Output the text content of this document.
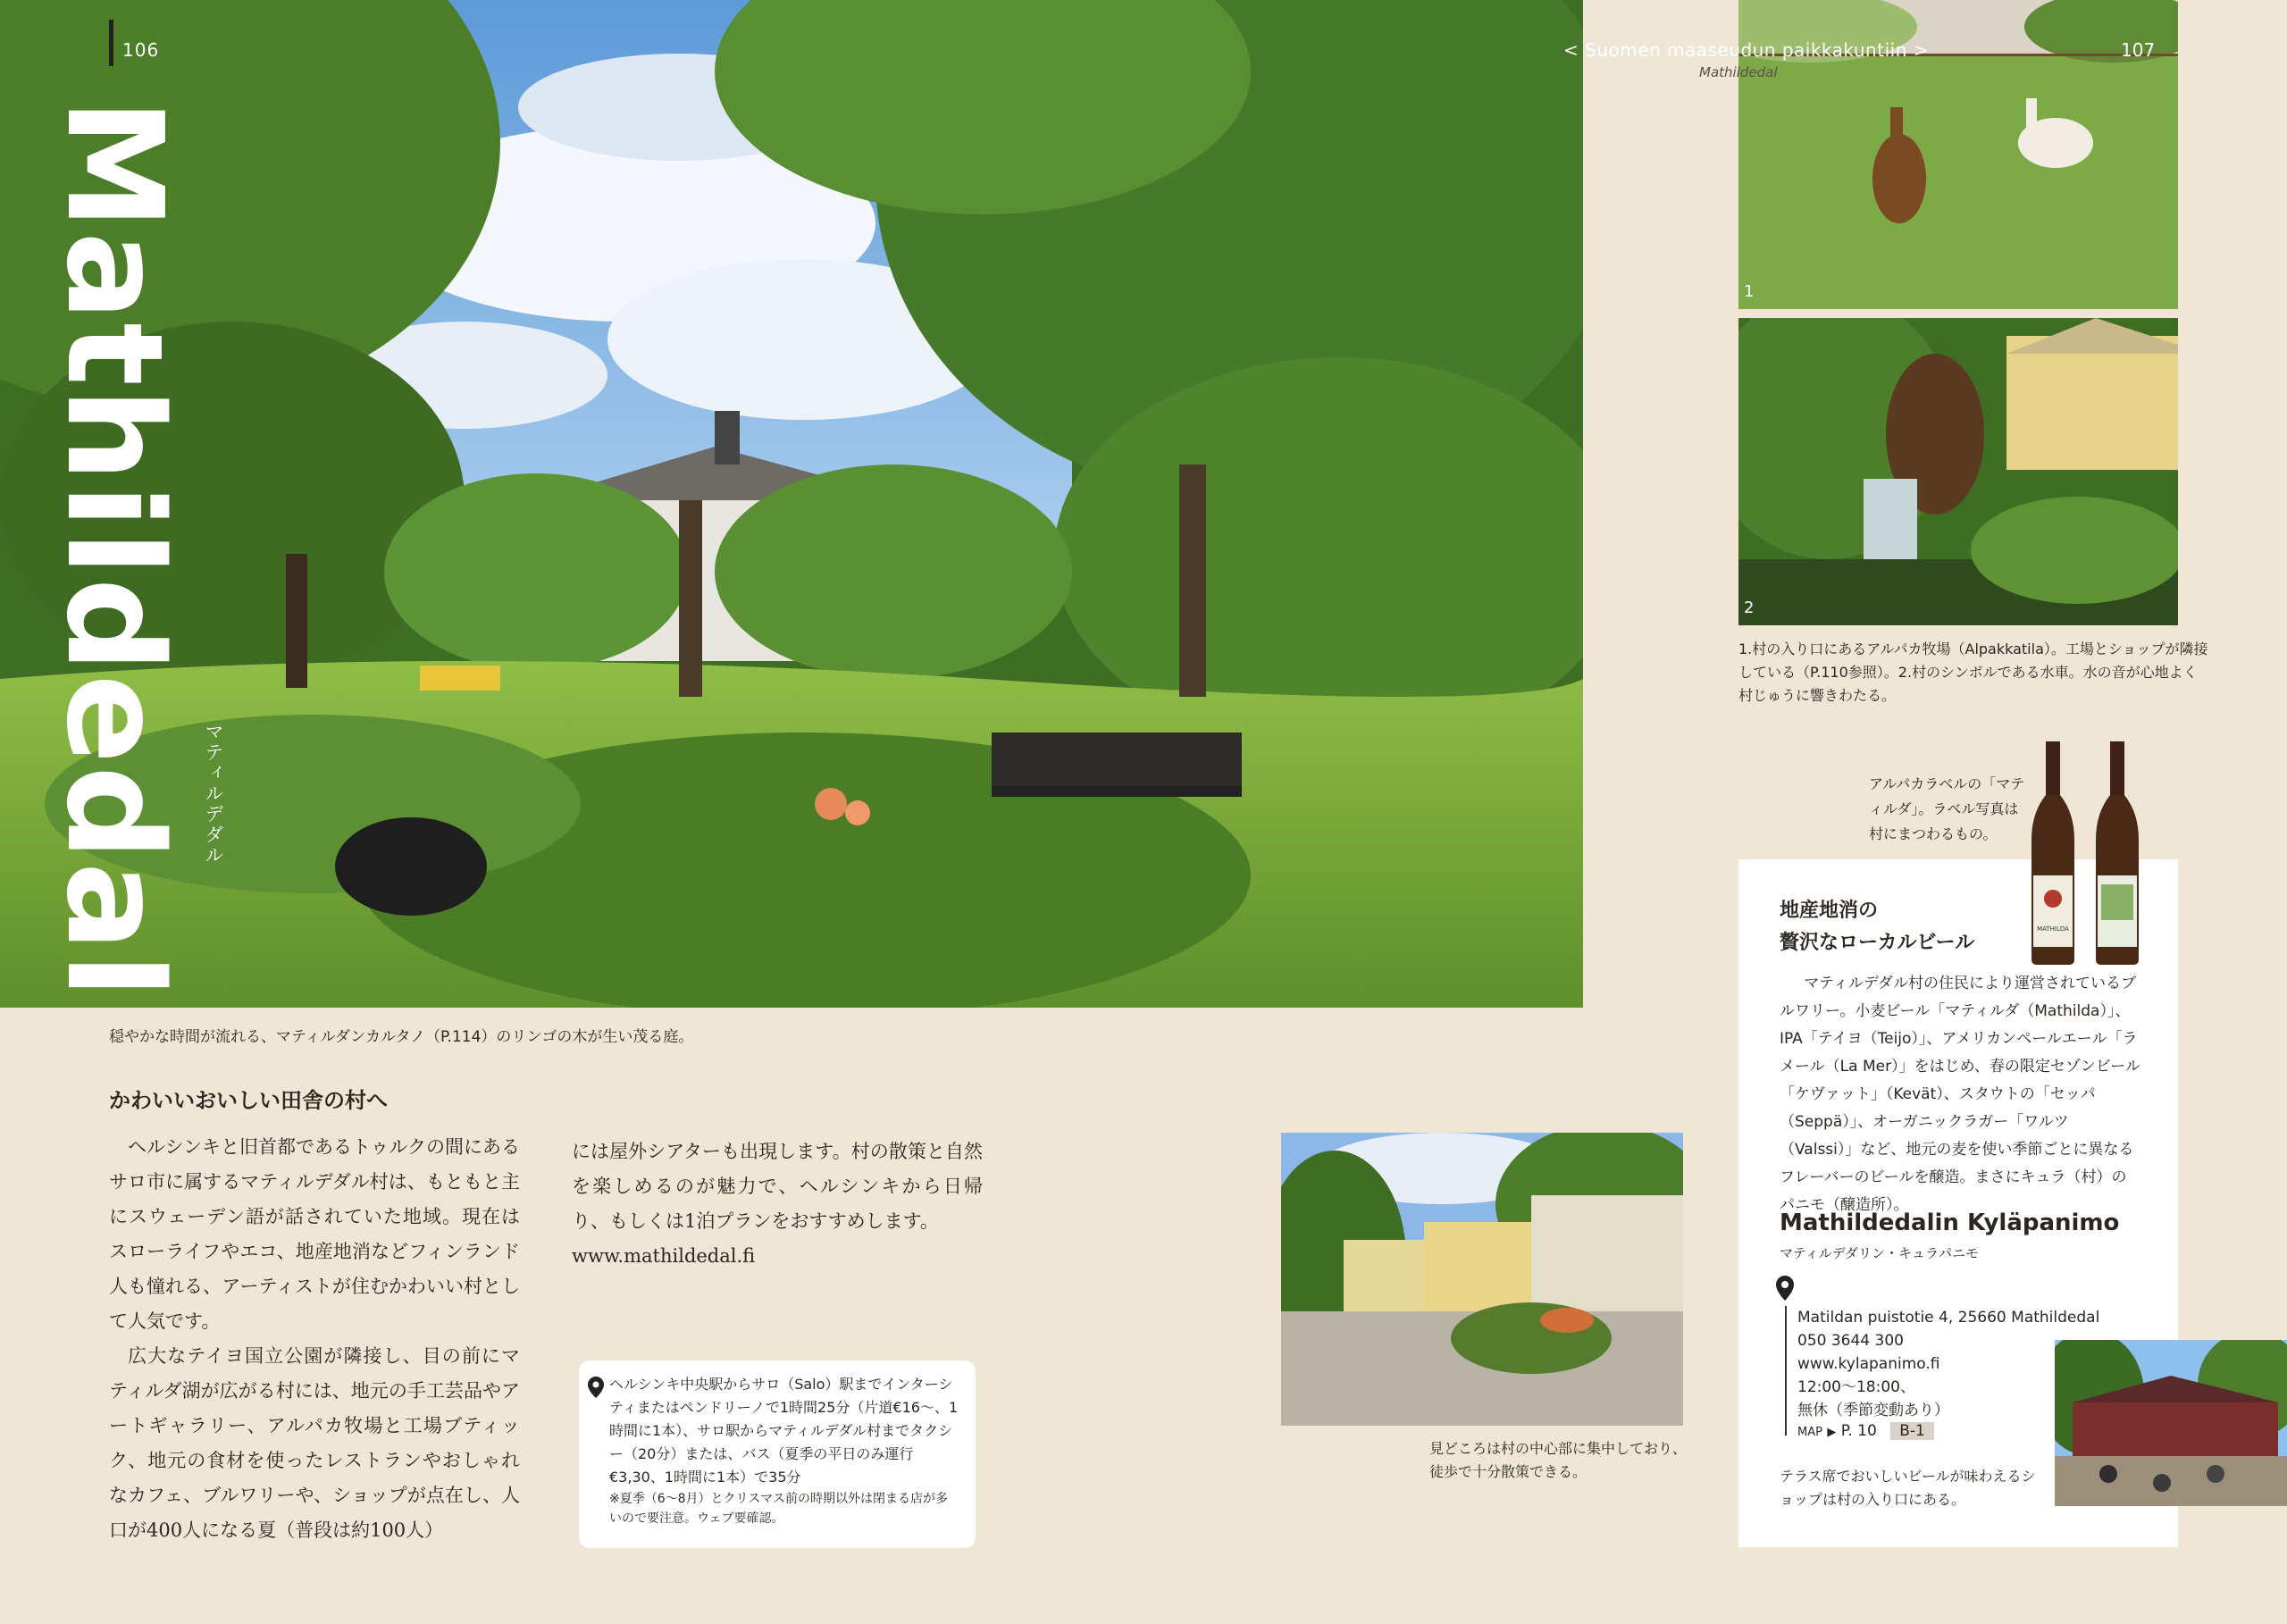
106
Mathildedal マティルデダル
穏やかな時間が流れる、マティルダンカルタノ（P.114）のリンゴの木が生い茂る庭。
かわいいおいしい田舎の村へ

ヘルシンキと旧首都であるトゥルクの間にあるサロ市に属するマティルデダル村は、もともと主にスウェーデン語が話されていた地域。現在はスローライフやエコ、地産地消などフィンランド人も憧れる、アーティストが住むかわいい村として人気です。

広大なテイヨ国立公園が隣接し、目の前にマティルダ湖が広がる村には、地元の手工芸品やアートギャラリー、アルパカ牧場と工場ブティック、地元の食材を使ったレストランやおしゃれなカフェ、ブルワリーや、ショップが点在し、人口が400人になる夏（普段は約100人）

には屋外シアターも出現します。村の散策と自然を楽しめるのが魅力で、ヘルシンキから日帰り、もしくは1泊プランをおすすめします。

www.mathildedal.fi

ヘルシンキ中央駅からサロ（Salo）駅までインターシティまたはペンドリーノで1時間25分（片道€16～、1時間に1本）、サロ駅からマティルデダル村までタクシー（20分）または、バス（夏季の平日のみ運行€3,30、1時間に1本）で35分
※夏季（6～8月）とクリスマス前の時期以外は閉まる店が多いので要注意。ウェブ要確認。
見どころは村の中心部に集中しており、徒歩で十分散策できる。
1
2
< Suomen maaseudun paikkakuntiin >
Mathildedal
107
1.村の入り口にあるアルパカ牧場（Alpakkatila）。工場とショップが隣接している（P.110参照）。2.村のシンボルである水車。水の音が心地よく村じゅうに響きわたる。
アルパカラベルの「マティルダ」。ラベル写真は村にまつわるもの。
MATHILDA
地産地消の
贅沢なローカルビール

マティルデダル村の住民により運営されているブルワリー。小麦ビール「マティルダ（Mathilda）」、IPA「テイヨ（Teijo）」、アメリカンペールエール「ラメール（La Mer）」をはじめ、春の限定セゾンビール「ケヴァット」（Kevät）、スタウトの「セッパ（Seppä）」、オーガニックラガー「ワルツ（Valssi）」など、地元の麦を使い季節ごとに異なるフレーバーのビールを醸造。まさにキュラ（村）のパニモ（醸造所）。

Mathildedalin Kyläpanimo
マティルデダリン・キュラパニモ
Matildan puistotie 4, 25660 Mathildedal
050 3644 300
www.kylapanimo.fi
12:00～18:00、
無休（季節変動あり）
MAP ▶ P. 10 B-1
テラス席でおいしいビールが味わえるショップは村の入り口にある。
